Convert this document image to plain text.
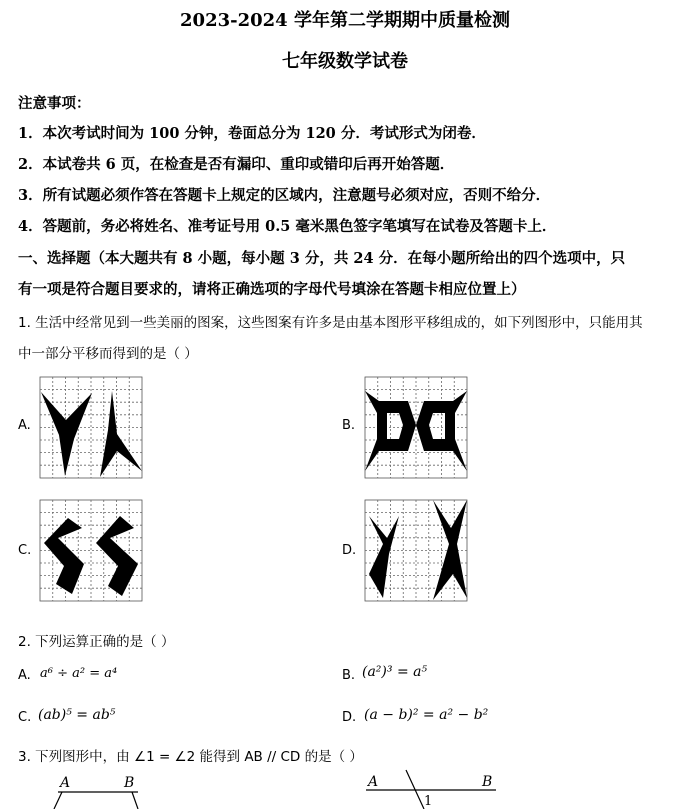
2023-2024 学年第二学期期中质量检测
七年级数学试卷
注意事项：
1．本次考试时间为 100 分钟，卷面总分为 120 分．考试形式为闭卷．
2．本试卷共 6 页，在检查是否有漏印、重印或错印后再开始答题．
3．所有试题必须作答在答题卡上规定的区域内，注意题号必须对应，否则不给分．
4．答题前，务必将姓名、准考证号用 0.5 毫米黑色签字笔填写在试卷及答题卡上．
一、选择题（本大题共有 8 小题，每小题 3 分，共 24 分．在每小题所给出的四个选项中，只
有一项是符合题目要求的，请将正确选项的字母代号填涂在答题卡相应位置上）
1. 生活中经常见到一些美丽的图案，这些图案有许多是由基本图形平移组成的，如下列图形中，只能用其
中一部分平移而得到的是（ ）
A.	B.
C.	D.
2. 下列运算正确的是（ ）
A. a⁶ ÷ a² = a⁴	B. (a²)³ = a⁵
C. (ab)⁵ = ab⁵	D. (a − b)² = a² − b²
3. 下列图形中，由 ∠1 = ∠2 能得到 AB // CD 的是（ ）
A	B	A	B
1
